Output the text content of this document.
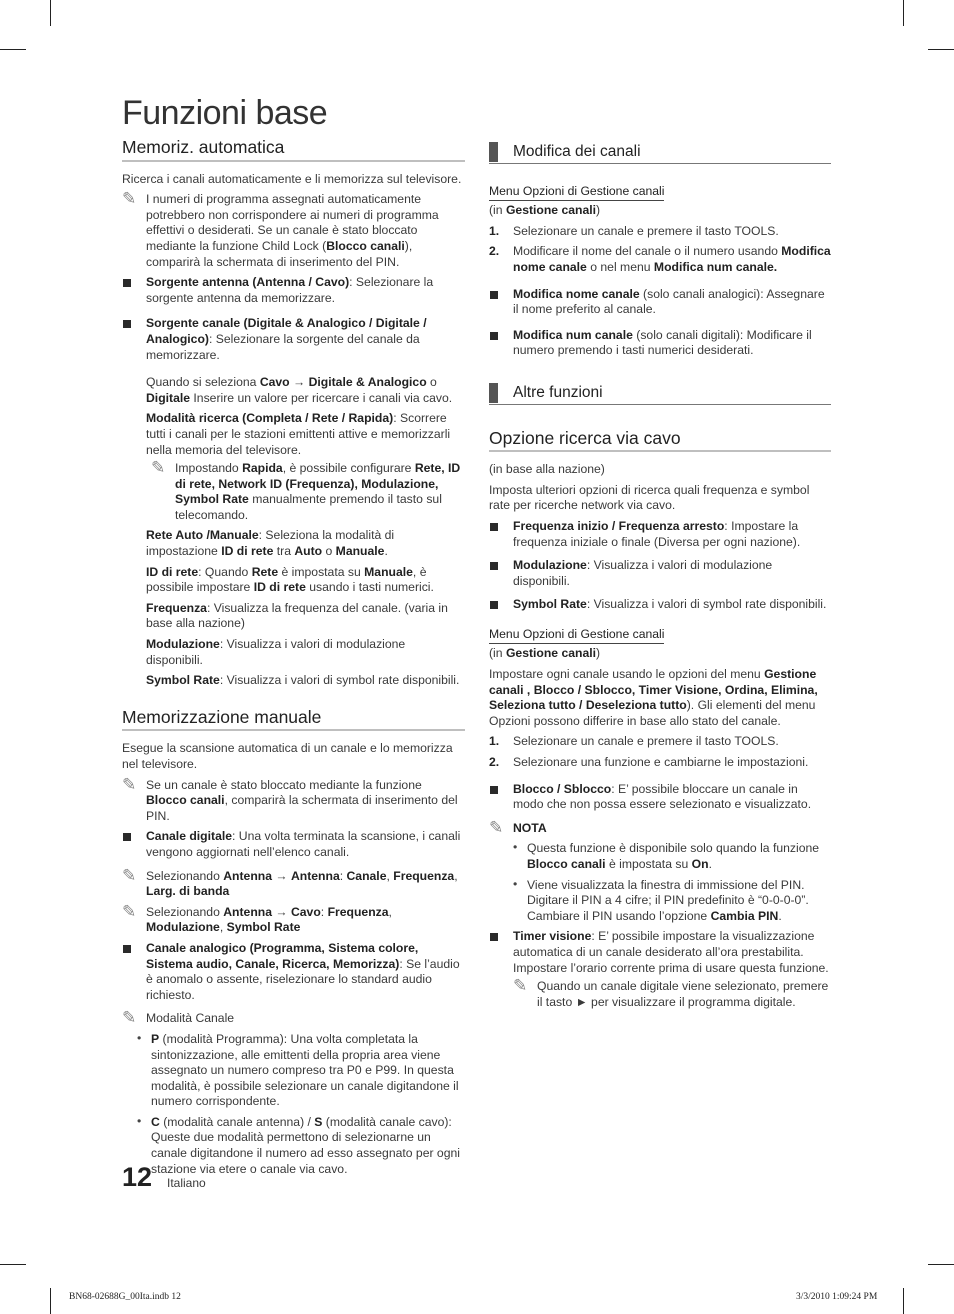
Funzioni base
Memoriz. automatica

Ricerca i canali automaticamente e li memorizza sul televisore.

✎ I numeri di programma assegnati automaticamente potrebbero non corrispondere ai numeri di programma effettivi o desiderati. Se un canale è stato bloccato mediante la funzione Child Lock (Blocco canali), comparirà la schermata di inserimento del PIN.
Sorgente antenna (Antenna / Cavo): Selezionare la sorgente antenna da memorizzare.
Sorgente canale (Digitale & Analogico / Digitale / Analogico): Selezionare la sorgente del canale da memorizzare.
Quando si seleziona Cavo → Digitale & Analogico o Digitale Inserire un valore per ricercare i canali via cavo.
Modalità ricerca (Completa / Rete / Rapida): Scorrere tutti i canali per le stazioni emittenti attive e memorizzarli nella memoria del televisore.
✎ Impostando Rapida, è possibile configurare Rete, ID di rete, Network ID (Frequenza), Modulazione, Symbol Rate manualmente premendo il tasto sul telecomando.
Rete Auto /Manuale: Seleziona la modalità di impostazione ID di rete tra Auto o Manuale.
ID di rete: Quando Rete è impostata su Manuale, è possibile impostare ID di rete usando i tasti numerici.
Frequenza: Visualizza la frequenza del canale. (varia in base alla nazione)
Modulazione: Visualizza i valori di modulazione disponibili.
Symbol Rate: Visualizza i valori di symbol rate disponibili.
Memorizzazione manuale

Esegue la scansione automatica di un canale e lo memorizza nel televisore.

✎ Se un canale è stato bloccato mediante la funzione Blocco canali, comparirà la schermata di inserimento del PIN.
Canale digitale: Una volta terminata la scansione, i canali vengono aggiornati nell’elenco canali.
✎ Selezionando Antenna → Antenna: Canale, Frequenza, Larg. di banda
✎ Selezionando Antenna → Cavo: Frequenza, Modulazione, Symbol Rate
Canale analogico (Programma, Sistema colore, Sistema audio, Canale, Ricerca, Memorizza): Se l’audio è anomalo o assente, riselezionare lo standard audio richiesto.
✎ Modalità Canale
• P (modalità Programma): Una volta completata la sintonizzazione, alle emittenti della propria area viene assegnato un numero compreso tra P0 e P99. In questa modalità, è possibile selezionare un canale digitandone il numero corrispondente.
• C (modalità canale antenna) / S (modalità canale cavo): Queste due modalità permettono di selezionarne un canale digitandone il numero ad esso assegnato per ogni stazione via etere o canale via cavo.
Modifica dei canali

Menu Opzioni di Gestione canali

(in Gestione canali)

1. Selezionare un canale e premere il tasto TOOLS.
2. Modificare il nome del canale o il numero usando Modifica nome canale o nel menu Modifica num canale.
Modifica nome canale (solo canali analogici): Assegnare il nome preferito al canale.
Modifica num canale (solo canali digitali): Modificare il numero premendo i tasti numerici desiderati.
Altre funzioni
Opzione ricerca via cavo

(in base alla nazione)

Imposta ulteriori opzioni di ricerca quali frequenza e symbol rate per ricerche network via cavo.

Frequenza inizio / Frequenza arresto: Impostare la frequenza iniziale o finale (Diversa per ogni nazione).
Modulazione: Visualizza i valori di modulazione disponibili.
Symbol Rate: Visualizza i valori di symbol rate disponibili.

Menu Opzioni di Gestione canali

(in Gestione canali)

Impostare ogni canale usando le opzioni del menu Gestione canali , Blocco / Sblocco, Timer Visione, Ordina, Elimina, Seleziona tutto / Deseleziona tutto). Gli elementi del menu Opzioni possono differire in base allo stato del canale.

1. Selezionare un canale e premere il tasto TOOLS.
2. Selezionare una funzione e cambiarne le impostazioni.
Blocco / Sblocco: E’ possibile bloccare un canale in modo che non possa essere selezionato e visualizzato.
✎ NOTA
• Questa funzione è disponibile solo quando la funzione Blocco canali è impostata su On.
• Viene visualizzata la finestra di immissione del PIN. Digitare il PIN a 4 cifre; il PIN predefinito è “0-0-0-0”. Cambiare il PIN usando l’opzione Cambia PIN.
Timer visione: E’ possibile impostare la visualizzazione automatica di un canale desiderato all’ora prestabilita. Impostare l’orario corrente prima di usare questa funzione.
✎ Quando un canale digitale viene selezionato, premere il tasto ► per visualizzare il programma digitale.
12 Italiano
BN68-02688G_00Ita.indb 12	3/3/2010 1:09:24 PM
